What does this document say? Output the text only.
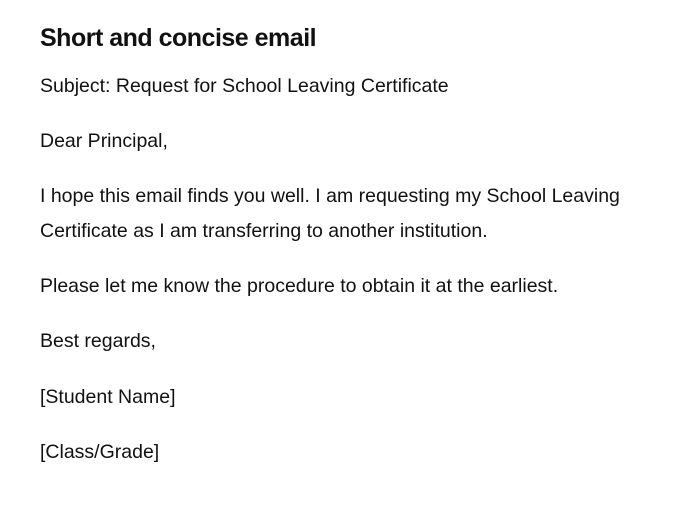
Short and concise email

Subject: Request for School Leaving Certificate

Dear Principal,

I hope this email finds you well. I am requesting my School Leaving Certificate as I am transferring to another institution.

Please let me know the procedure to obtain it at the earliest.

Best regards,

[Student Name]

[Class/Grade]
